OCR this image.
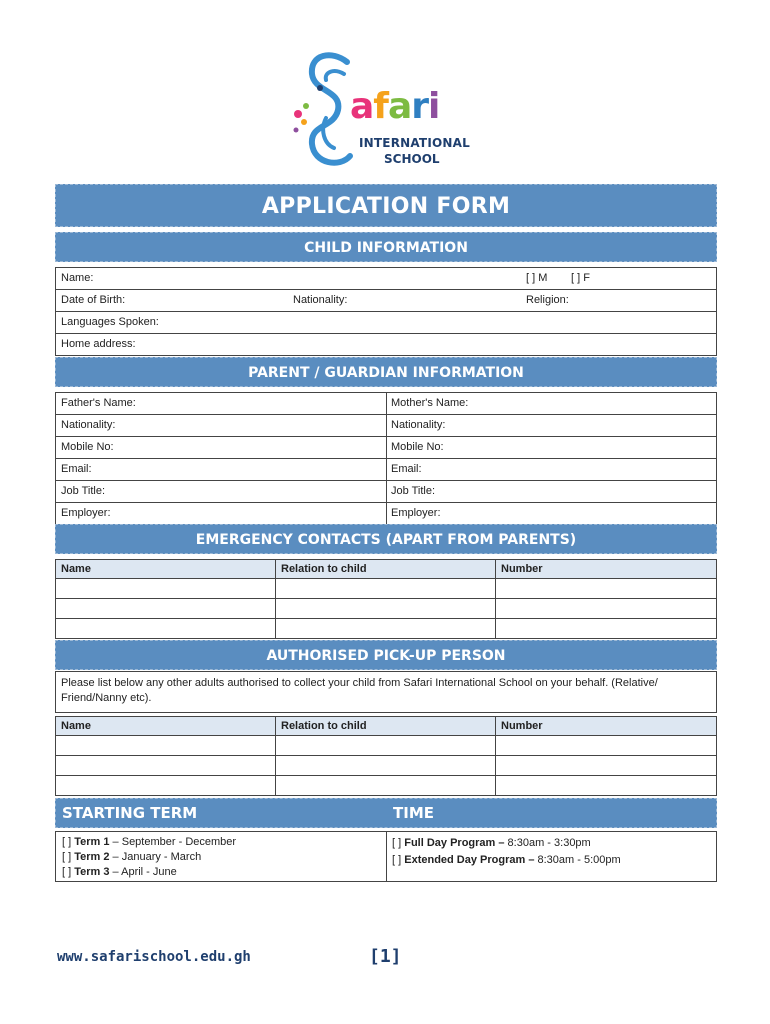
afari
INTERNATIONAL
SCHOOL
APPLICATION FORM
CHILD INFORMATION
Name:	[ ] M [ ] F
Date of Birth:	Nationality:	Religion:
Languages Spoken:
Home address:
PARENT / GUARDIAN INFORMATION
Father's Name:	Mother's Name:
Nationality:	Nationality:
Mobile No:	Mobile No:
Email:	Email:
Job Title:	Job Title:
Employer:	Employer:
EMERGENCY CONTACTS (APART FROM PARENTS)
Name	Relation to child	Number

AUTHORISED PICK-UP PERSON
Please list below any other adults authorised to collect your child from Safari International School on your behalf. (Relative/ Friend/Nanny etc).
Name	Relation to child	Number

STARTING TERM	TIME
[ ] Term 1 – September - December
[ ] Term 2 – January - March
[ ] Term 3 – April - June
[ ] Full Day Program – 8:30am - 3:30pm
[ ] Extended Day Program – 8:30am - 5:00pm
www.safarischool.edu.gh	[1]
